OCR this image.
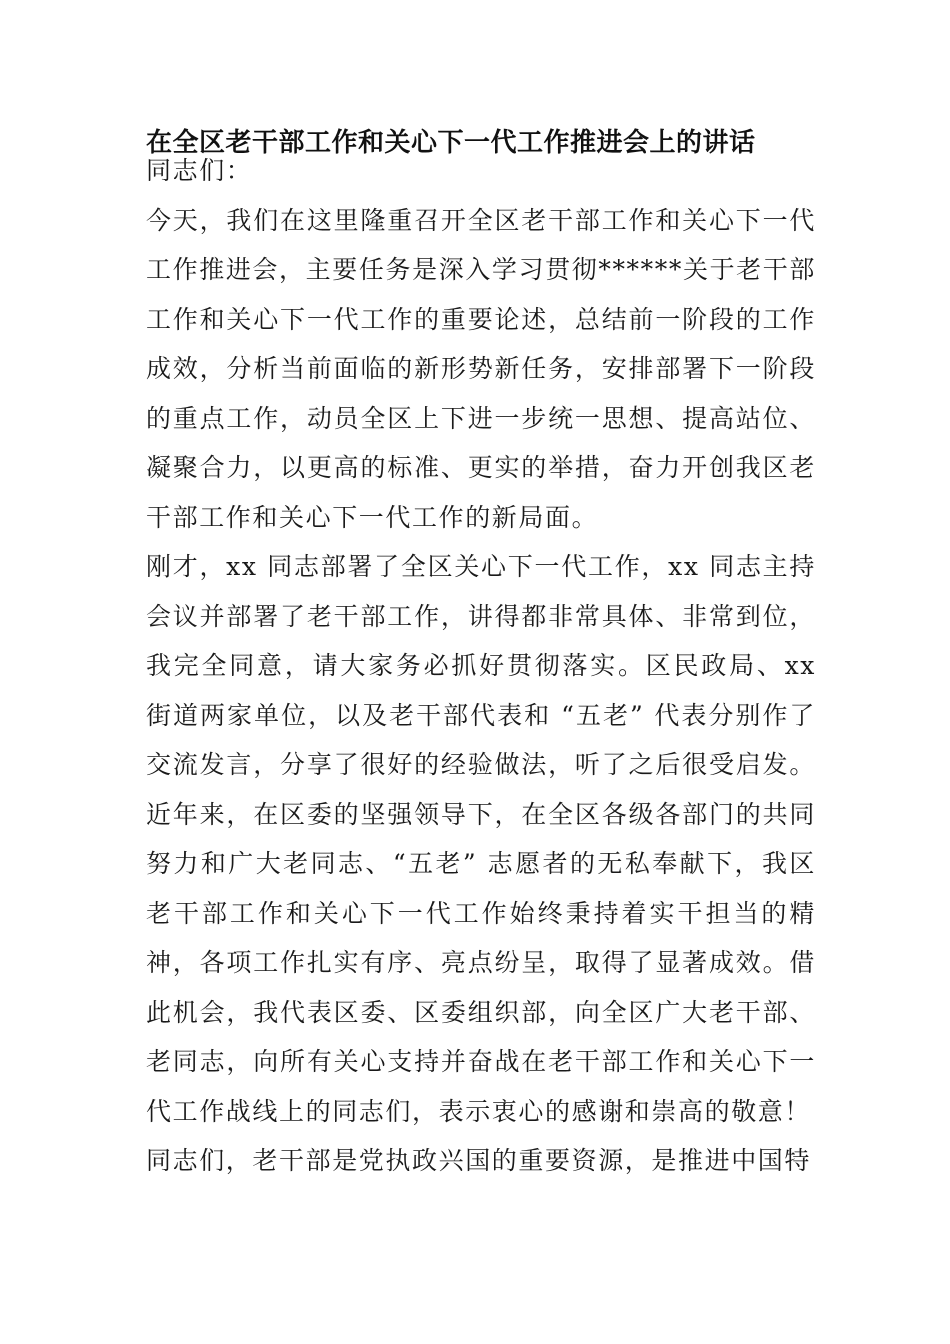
在全区老干部工作和关心下一代工作推进会上的讲话

同志们：

今天，我们在这里隆重召开全区老干部工作和关心下一代工作推进会，主要任务是深入学习贯彻******关于老干部工作和关心下一代工作的重要论述，总结前一阶段的工作成效，分析当前面临的新形势新任务，安排部署下一阶段的重点工作，动员全区上下进一步统一思想、提高站位、凝聚合力，以更高的标准、更实的举措，奋力开创我区老干部工作和关心下一代工作的新局面。

刚才，xx 同志部署了全区关心下一代工作，xx 同志主持会议并部署了老干部工作，讲得都非常具体、非常到位，我完全同意，请大家务必抓好贯彻落实。区民政局、xx 街道两家单位，以及老干部代表和 “五老” 代表分别作了交流发言，分享了很好的经验做法，听了之后很受启发。近年来，在区委的坚强领导下，在全区各级各部门的共同努力和广大老同志、“五老” 志愿者的无私奉献下，我区老干部工作和关心下一代工作始终秉持着实干担当的精神，各项工作扎实有序、亮点纷呈，取得了显著成效。借此机会，我代表区委、区委组织部，向全区广大老干部、老同志，向所有关心支持并奋战在老干部工作和关心下一代工作战线上的同志们，表示衷心的感谢和崇高的敬意！

同志们，老干部是党执政兴国的重要资源，是推进中国特
